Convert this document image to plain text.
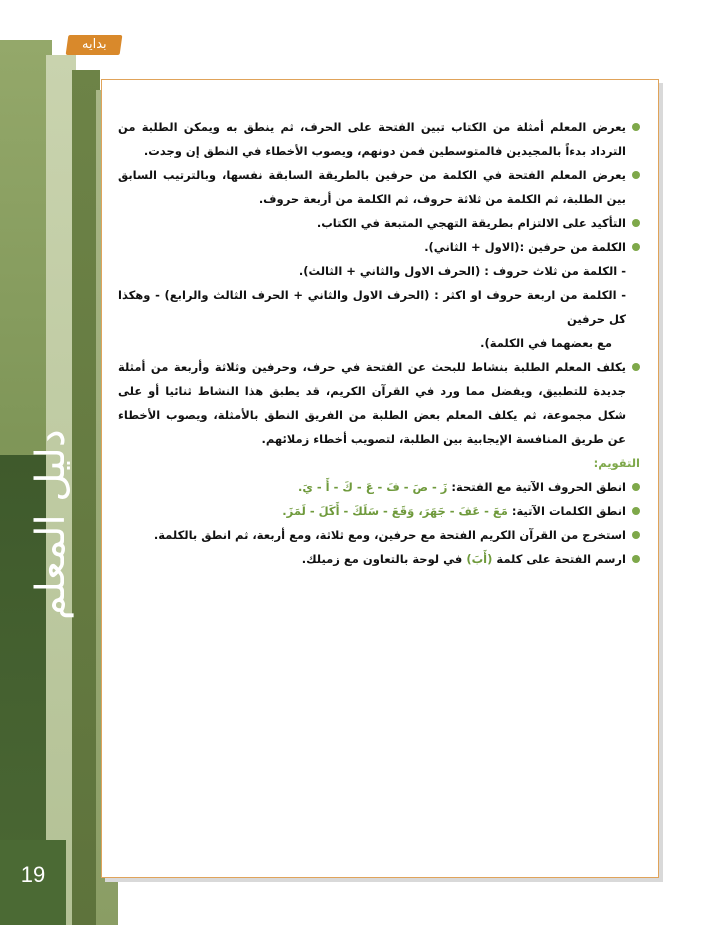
دليل المعلم
19
بدايه

يعرض المعلم أمثلة من الكتاب تبين الفتحة على الحرف، ثم ينطق به ويمكن الطلبة من الترداد بدءاً بالمجيدين فالمتوسطين فمن دونهم، ويصوب الأخطاء في النطق إن وجدت.

يعرض المعلم الفتحة في الكلمة من حرفين بالطريقة السابقة نفسها، وبالترتيب السابق بين الطلبة، ثم الكلمة من ثلاثة حروف، ثم الكلمة من أربعة حروف.

التأكيد على الالتزام بطريقة التهجي المتبعة في الكتاب.

الكلمة من حرفين :(الاول + الثاني).

- الكلمة من ثلاث حروف : (الحرف الاول والثاني + الثالث).

- الكلمة من اربعة حروف او اكثر : (الحرف الاول والثاني + الحرف الثالث والرابع) - وهكذا كل حرفين

مع بعضهما في الكلمة).

يكلف المعلم الطلبة بنشاط للبحث عن الفتحة في حرف، وحرفين وثلاثة وأربعة من أمثلة جديدة للتطبيق، ويفضل مما ورد في القرآن الكريم، قد يطبق هذا النشاط ثنائيا أو على شكل مجموعة، ثم يكلف المعلم بعض الطلبة من الفريق النطق بالأمثلة، ويصوب الأخطاء عن طريق المنافسة الإيجابية بين الطلبة، لتصويب أخطاء زملائهم.

التقويم:

انطق الحروف الآتية مع الفتحة: زَ - صَ - فَ - عَ - كَ - أَ - يَ.

انطق الكلمات الآتية: مَعَ - عَفَ - جَهَرَ، وَقَعَ - سَلَكَ - أَكَلَ - لَمَزَ.

استخرج من القرآن الكريم الفتحة مع حرفين، ومع ثلاثة، ومع أربعة، ثم انطق بالكلمة.

ارسم الفتحة على كلمة (أَبَ) في لوحة بالتعاون مع زميلك.
